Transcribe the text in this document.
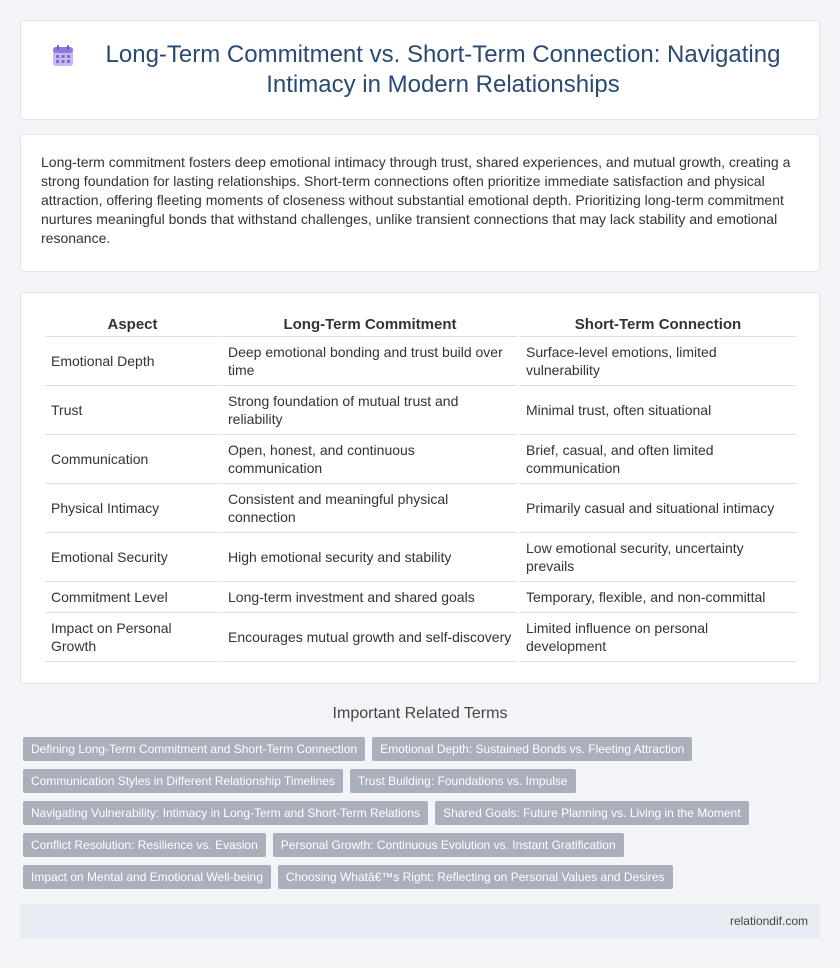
Long-Term Commitment vs. Short-Term Connection: Navigating Intimacy in Modern Relationships

Long-term commitment fosters deep emotional intimacy through trust, shared experiences, and mutual growth, creating a strong foundation for lasting relationships. Short-term connections often prioritize immediate satisfaction and physical attraction, offering fleeting moments of closeness without substantial emotional depth. Prioritizing long-term commitment nurtures meaningful bonds that withstand challenges, unlike transient connections that may lack stability and emotional resonance.

Aspect	Long-Term Commitment	Short-Term Connection
Emotional Depth	Deep emotional bonding and trust build over time	Surface-level emotions, limited vulnerability
Trust	Strong foundation of mutual trust and reliability	Minimal trust, often situational
Communication	Open, honest, and continuous communication	Brief, casual, and often limited communication
Physical Intimacy	Consistent and meaningful physical connection	Primarily casual and situational intimacy
Emotional Security	High emotional security and stability	Low emotional security, uncertainty prevails
Commitment Level	Long-term investment and shared goals	Temporary, flexible, and non-committal
Impact on Personal Growth	Encourages mutual growth and self-discovery	Limited influence on personal development
Important Related Terms
Defining Long-Term Commitment and Short-Term Connection	Emotional Depth: Sustained Bonds vs. Fleeting Attraction
Communication Styles in Different Relationship Timelines	Trust Building: Foundations vs. Impulse
Navigating Vulnerability: Intimacy in Long-Term and Short-Term Relations	Shared Goals: Future Planning vs. Living in the Moment
Conflict Resolution: Resilience vs. Evasion	Personal Growth: Continuous Evolution vs. Instant Gratification
Impact on Mental and Emotional Well-being	Choosing Whatâ€™s Right: Reflecting on Personal Values and Desires
relationdif.com
